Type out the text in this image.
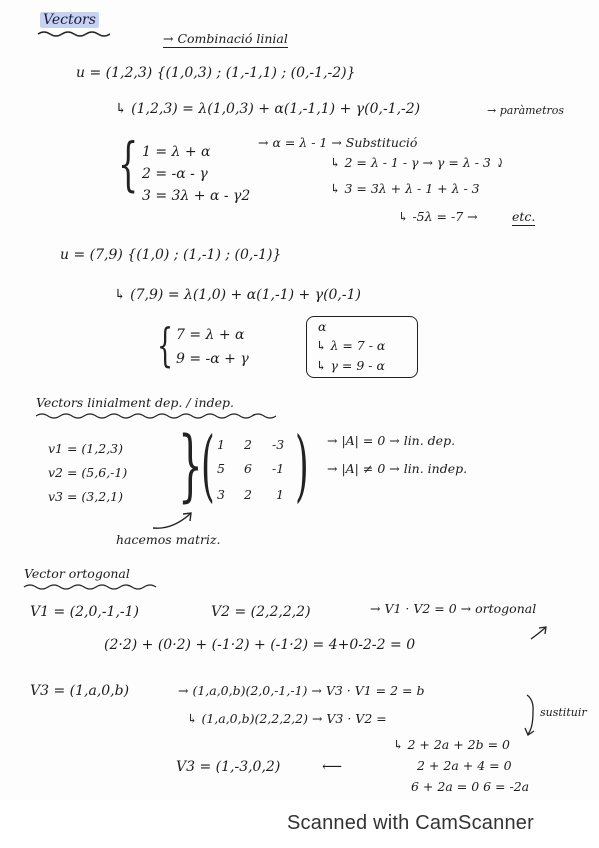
Vectors
→ Combinació linial
u = (1,2,3) {(1,0,3) ; (1,-1,1) ; (0,-1,-2)}
↳ (1,2,3) = λ(1,0,3) + α(1,-1,1) + γ(0,-1,-2)	→ paràmetros
{ 1 = λ + α
2 = -α - γ
3 = 3λ + α - γ2
→ α = λ - 1 → Substitució
↳ 2 = λ - 1 - γ → γ = λ - 3 ⤸
↳ 3 = 3λ + λ - 1 + λ - 3
↳ -5λ = -7 →	etc.
u = (7,9) {(1,0) ; (1,-1) ; (0,-1)}
↳ (7,9) = λ(1,0) + α(1,-1) + γ(0,-1)
{ 7 = λ + α
9 = -α + γ
α
↳ λ = 7 - α
↳ γ = 9 - α
Vectors linialment dep. / indep.
v1 = (1,2,3)
v2 = (5,6,-1)
v3 = (3,2,1) }
( )
1 2 -3
5 6 -1
3 2 1
→ |A| = 0 → lin. dep.
→ |A| ≠ 0 → lin. indep.
hacemos matriz.
Vector ortogonal
V1 = (2,0,-1,-1)	V2 = (2,2,2,2)	→ V1 · V2 = 0 → ortogonal
(2·2) + (0·2) + (-1·2) + (-1·2) = 4+0-2-2 = 0
V3 = (1,a,0,b)	→ (1,a,0,b)(2,0,-1,-1) → V3 · V1 = 2 = b
↳ (1,a,0,b)(2,2,2,2) → V3 · V2 =	sustituir
↳ 2 + 2a + 2b = 0
2 + 2a + 4 = 0
6 + 2a = 0 6 = -2a
V3 = (1,-3,0,2)	⟵
Scanned with CamScanner
